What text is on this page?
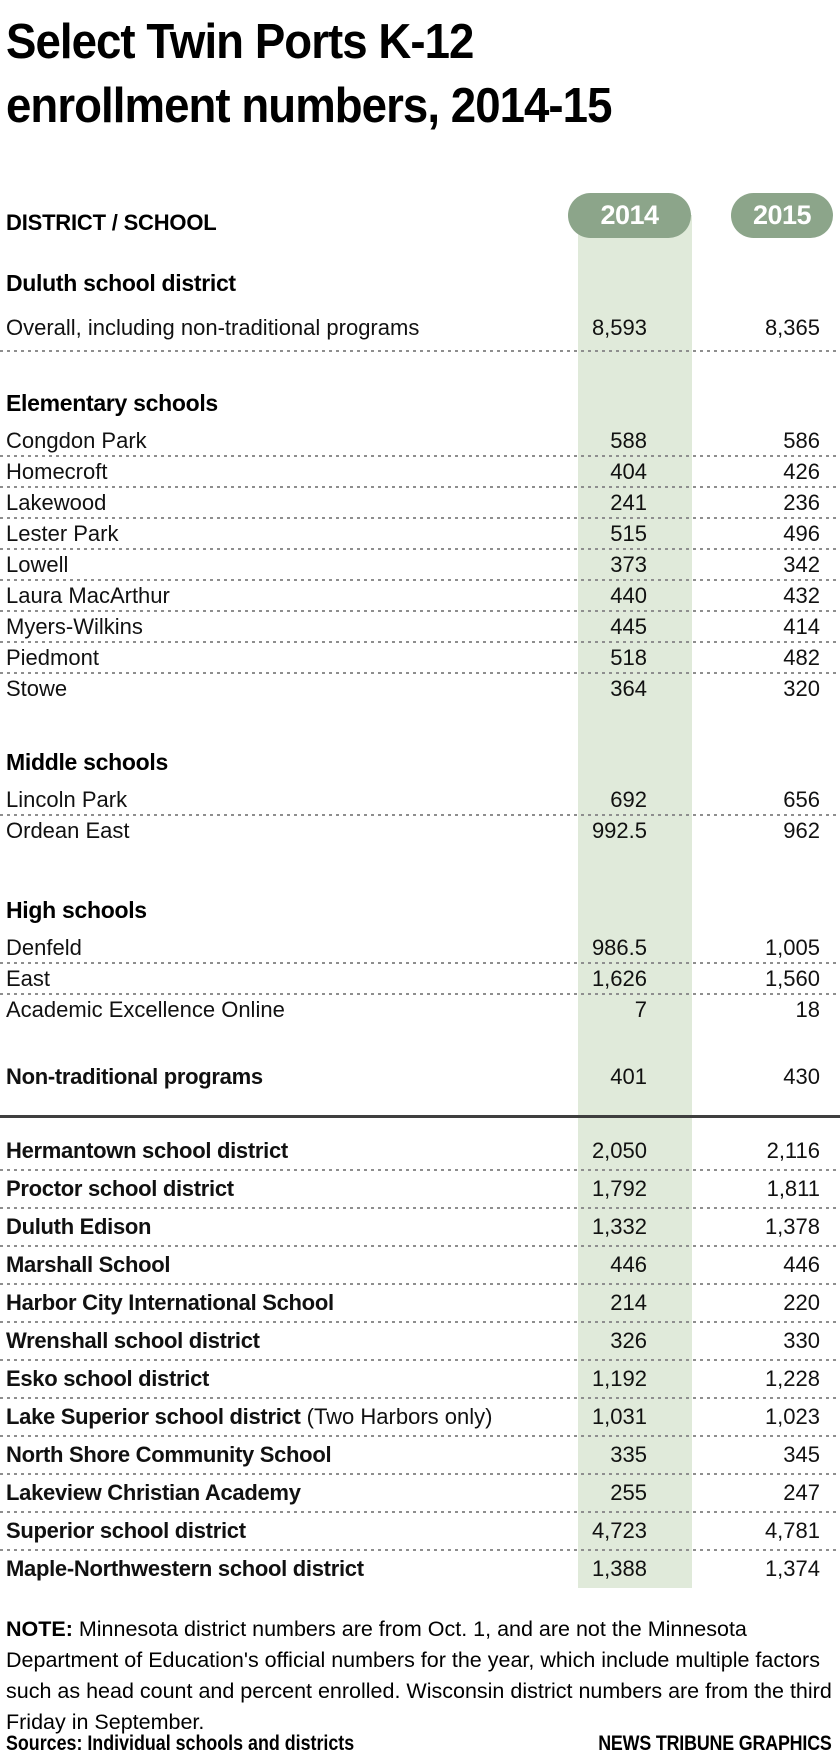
Select Twin Ports K-12
enrollment numbers, 2014-15
DISTRICT / SCHOOL	2014	2015
Duluth school district
Overall, including non-traditional programs	8,593	8,365
Elementary schools
Congdon Park	588	586
Homecroft	404	426
Lakewood	241	236
Lester Park	515	496
Lowell	373	342
Laura MacArthur	440	432
Myers-Wilkins	445	414
Piedmont	518	482
Stowe	364	320
Middle schools
Lincoln Park	692	656
Ordean East	992.5	962
High schools
Denfeld	986.5	1,005
East	1,626	1,560
Academic Excellence Online	7	18
Non-traditional programs	401	430
Hermantown school district	2,050	2,116
Proctor school district	1,792	1,811
Duluth Edison	1,332	1,378
Marshall School	446	446
Harbor City International School	214	220
Wrenshall school district	326	330
Esko school district	1,192	1,228
Lake Superior school district (Two Harbors only)	1,031	1,023
North Shore Community School	335	345
Lakeview Christian Academy	255	247
Superior school district	4,723	4,781
Maple-Northwestern school district	1,388	1,374

NOTE: Minnesota district numbers are from Oct. 1, and are not the Minnesota Department of Education's official numbers for the year, which include multiple factors such as head count and percent enrolled. Wisconsin district numbers are from the third Friday in September.

Sources: Individual schools and districts	NEWS TRIBUNE GRAPHICS
